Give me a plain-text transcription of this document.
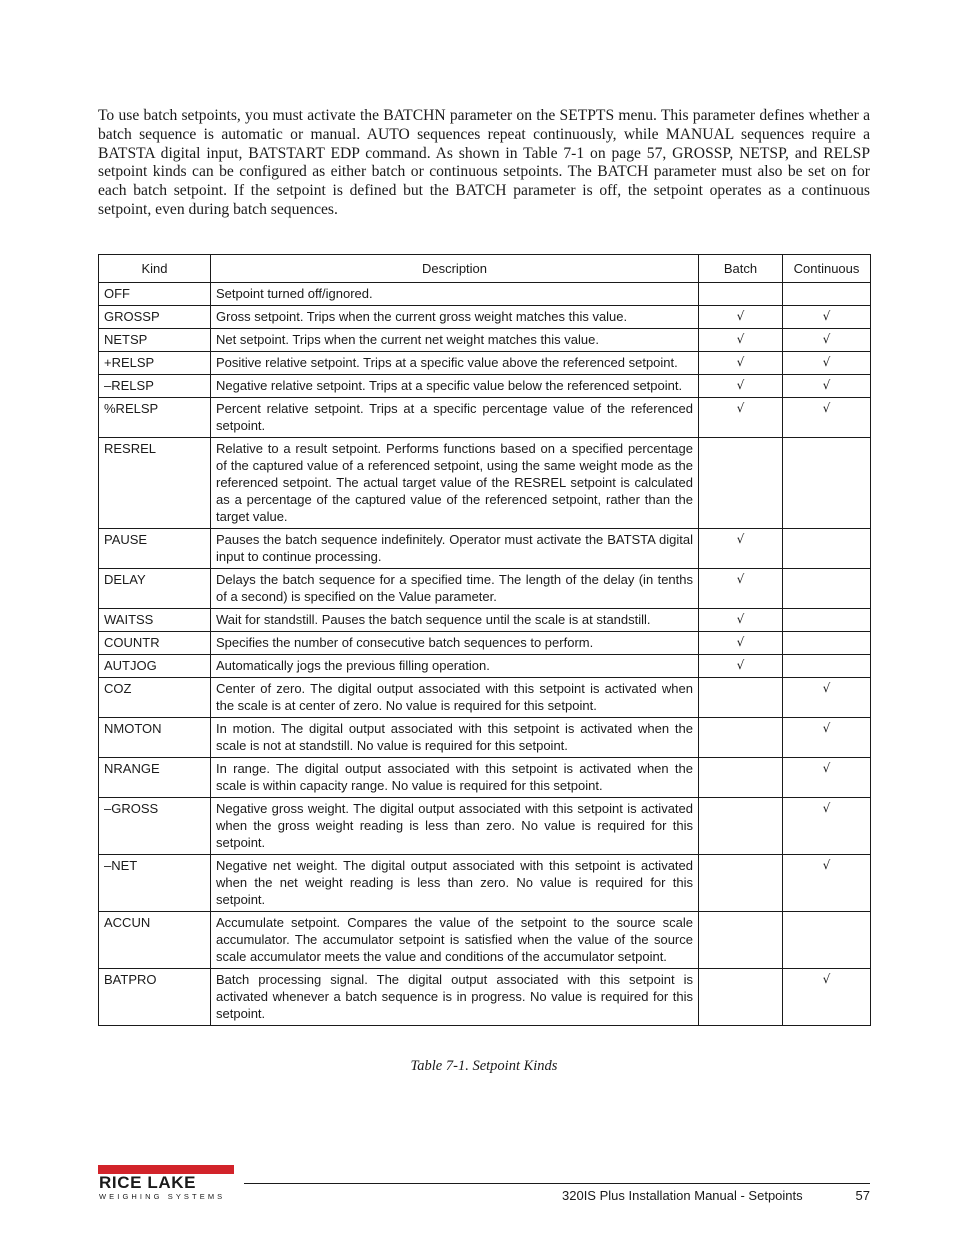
To use batch setpoints, you must activate the BATCHN parameter on the SETPTS menu. This parameter defines whether a batch sequence is automatic or manual. AUTO sequences repeat continuously, while MANUAL sequences require a BATSTA digital input, BATSTART EDP command. As shown in Table 7-1 on page 57, GROSSP, NETSP, and RELSP setpoint kinds can be configured as either batch or continuous setpoints. The BATCH parameter must also be set on for each batch setpoint. If the setpoint is defined but the BATCH parameter is off, the setpoint operates as a continuous setpoint, even during batch sequences.

Kind	Description	Batch	Continuous
OFF	Setpoint turned off/ignored.		
GROSSP	Gross setpoint. Trips when the current gross weight matches this value.	√	√
NETSP	Net setpoint. Trips when the current net weight matches this value.	√	√
+RELSP	Positive relative setpoint. Trips at a specific value above the referenced setpoint.	√	√
–RELSP	Negative relative setpoint. Trips at a specific value below the referenced setpoint.	√	√
%RELSP	Percent relative setpoint. Trips at a specific percentage value of the referenced setpoint.	√	√
RESREL	Relative to a result setpoint. Performs functions based on a specified percentage of the captured value of a referenced setpoint, using the same weight mode as the referenced setpoint. The actual target value of the RESREL setpoint is calculated as a percentage of the captured value of the referenced setpoint, rather than the target value.		
PAUSE	Pauses the batch sequence indefinitely. Operator must activate the BATSTA digital input to continue processing.	√	
DELAY	Delays the batch sequence for a specified time. The length of the delay (in tenths of a second) is specified on the Value parameter.	√	
WAITSS	Wait for standstill. Pauses the batch sequence until the scale is at standstill.	√	
COUNTR	Specifies the number of consecutive batch sequences to perform.	√	
AUTJOG	Automatically jogs the previous filling operation.	√	
COZ	Center of zero. The digital output associated with this setpoint is activated when the scale is at center of zero. No value is required for this setpoint.		√
NMOTON	In motion. The digital output associated with this setpoint is activated when the scale is not at standstill. No value is required for this setpoint.		√
NRANGE	In range. The digital output associated with this setpoint is activated when the scale is within capacity range. No value is required for this setpoint.		√
–GROSS	Negative gross weight. The digital output associated with this setpoint is activated when the gross weight reading is less than zero. No value is required for this setpoint.		√
–NET	Negative net weight. The digital output associated with this setpoint is activated when the net weight reading is less than zero. No value is required for this setpoint.		√
ACCUN	Accumulate setpoint. Compares the value of the setpoint to the source scale accumulator. The accumulator setpoint is satisfied when the value of the source scale accumulator meets the value and conditions of the accumulator setpoint.		
BATPRO	Batch processing signal. The digital output associated with this setpoint is activated whenever a batch sequence is in progress. No value is required for this setpoint.		√

Table 7-1. Setpoint Kinds

RICE LAKE
WEIGHING SYSTEMS	320IS Plus Installation Manual - Setpoints	57
